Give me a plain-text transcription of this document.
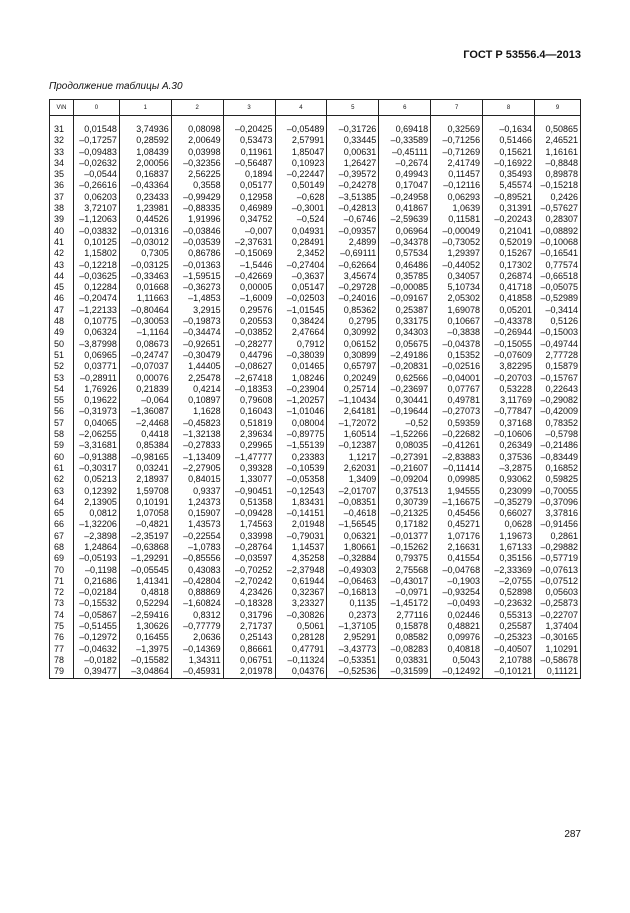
ГОСТ Р 53556.4—2013
Продолжение таблицы А.30
V\N	0	1	2	3	4	5	6	7	8	9

31	0,01548	3,74936	0,08098	–0,20425	–0,05489	–0,31726	0,69418	0,32569	–0,1634	0,50865
32	–0,17257	0,28592	2,00649	0,53473	2,57991	0,33445	–0,33589	–0,71256	0,51466	2,46521
33	–0,09483	1,08439	0,03998	0,11961	1,85047	0,00631	–0,45111	–0,71269	0,15621	1,16161
34	–0,02632	2,00056	–0,32356	–0,56487	0,10923	1,26427	–0,2674	2,41749	–0,16922	–0,8848
35	–0,0544	0,16837	2,56225	0,1894	–0,22447	–0,39572	0,49943	0,11457	0,35493	0,89878
36	–0,26616	–0,43364	0,3558	0,05177	0,50149	–0,24278	0,17047	–0,12116	5,45574	–0,15218
37	0,06203	0,23433	–0,99429	0,12958	–0,628	–3,51385	–0,24958	0,06293	–0,89521	0,2426
38	3,72107	1,23981	–0,88335	0,46989	–0,3001	–0,42813	0,41867	1,0639	0,31391	–0,57627
39	–1,12063	0,44526	1,91996	0,34752	–0,524	–0,6746	–2,59639	0,11581	–0,20243	0,28307
40	–0,03832	–0,01316	–0,03846	–0,007	0,04931	–0,09357	0,06964	–0,00049	0,21041	–0,08892
41	0,10125	–0,03012	–0,03539	–2,37631	0,28491	2,4899	–0,34378	–0,73052	0,52019	–0,10068
42	1,15802	0,7305	0,86786	–0,15069	2,3452	–0,69111	0,57534	1,29397	0,15267	–0,16541
43	–0,12218	–0,03125	–0,01363	–1,5446	–0,27404	–0,62664	0,46486	–0,44052	0,17302	0,77574
44	–0,03625	–0,33463	–1,59515	–0,42669	–0,3637	3,45674	0,35785	0,34057	0,26874	–0,66518
45	0,12284	0,01668	–0,36273	0,00005	0,05147	–0,29728	–0,00085	5,10734	0,41718	–0,05075
46	–0,20474	1,11663	–1,4853	–1,6009	–0,02503	–0,24016	–0,09167	2,05302	0,41858	–0,52989
47	–1,22133	–0,80464	3,2915	0,29576	–1,01545	0,85362	0,25387	1,69078	0,05201	–0,3414
48	0,10775	–0,30053	–0,19873	0,20553	0,38424	0,2795	0,33175	0,10667	–0,43378	0,5126
49	0,06324	–1,1164	–0,34474	–0,03852	2,47664	0,30992	0,34303	–0,3838	–0,26944	–0,15003
50	–3,87998	0,08673	–0,92651	–0,28277	0,7912	0,06152	0,05675	–0,04378	–0,15055	–0,49744
51	0,06965	–0,24747	–0,30479	0,44796	–0,38039	0,30899	–2,49186	0,15352	–0,07609	2,77728
52	0,03771	–0,07037	1,44405	–0,08627	0,01465	0,65797	–0,20831	–0,02516	3,82295	0,15879
53	–0,28911	0,00076	2,25478	–2,67418	1,08246	0,20249	0,62566	–0,04001	–0,20703	–0,15767
54	1,76926	0,21839	0,4214	–0,18353	–0,23904	0,25714	–0,23697	0,07767	0,53228	0,22643
55	0,19622	–0,064	0,10897	0,79608	–1,20257	–1,10434	0,30441	0,49781	3,11769	–0,29082
56	–0,31973	–1,36087	1,1628	0,16043	–1,01046	2,64181	–0,19644	–0,27073	–0,77847	–0,42009
57	0,04065	–2,4468	–0,45823	0,51819	0,08004	–1,72072	–0,52	0,59359	0,37168	0,78352
58	–2,06255	0,4418	–1,32138	2,39634	–0,89775	1,60514	–1,52266	–0,22682	–0,10606	–0,5798
59	–3,31681	0,85384	–0,27833	0,29965	–1,55139	–0,12387	0,08035	–0,41261	0,26349	–0,21486
60	–0,91388	–0,98165	–1,13409	–1,47777	0,23383	1,1217	–0,27391	–2,83883	0,37536	–0,83449
61	–0,30317	0,03241	–2,27905	0,39328	–0,10539	2,62031	–0,21607	–0,11414	–3,2875	0,16852
62	0,05213	2,18937	0,84015	1,33077	–0,05358	1,3409	–0,09204	0,09985	0,93062	0,59825
63	0,12392	1,59708	0,9337	–0,90451	–0,12543	–2,01707	0,37513	1,94555	0,23099	–0,70055
64	2,13905	0,10191	1,24373	0,51358	1,83431	–0,08351	0,30739	–1,16675	–0,35279	–0,37096
65	0,0812	1,07058	0,15907	–0,09428	–0,14151	–0,4618	–0,21325	0,45456	0,66027	3,37816
66	–1,32206	–0,4821	1,43573	1,74563	2,01948	–1,56545	0,17182	0,45271	0,0628	–0,91456
67	–2,3898	–2,35197	–0,22554	0,33998	–0,79031	0,06321	–0,01377	1,07176	1,19673	0,2861
68	1,24864	–0,63868	–1,0783	–0,28764	1,14537	1,80661	–0,15262	2,16631	1,67133	–0,29882
69	–0,05193	–1,29291	–0,85556	–0,03597	4,35258	–0,32884	0,79375	0,41554	0,35156	–0,57719
70	–0,1198	–0,05545	0,43083	–0,70252	–2,37948	–0,49303	2,75568	–0,04768	–2,33369	–0,07613
71	0,21686	1,41341	–0,42804	–2,70242	0,61944	–0,06463	–0,43017	–0,1903	–2,0755	–0,07512
72	–0,02184	0,4818	0,88869	4,23426	0,32367	–0,16813	–0,0971	–0,93254	0,52898	0,05603
73	–0,15532	0,52294	–1,60824	–0,18328	3,23327	0,1135	–1,45172	–0,0493	–0,23632	–0,25873
74	–0,05867	–2,59416	0,8312	0,31796	–0,30826	0,2373	2,77116	0,02446	0,55313	–0,22707
75	–0,51455	1,30626	–0,77779	2,71737	0,5061	–1,37105	0,15878	0,48821	0,25587	1,37404
76	–0,12972	0,16455	2,0636	0,25143	0,28128	2,95291	0,08582	0,09976	–0,25323	–0,30165
77	–0,04632	–1,3975	–0,14369	0,86661	0,47791	–3,43773	–0,08283	0,40818	–0,40507	1,10291
78	–0,0182	–0,15582	1,34311	0,06751	–0,11324	–0,53351	0,03831	0,5043	2,10788	–0,58678
79	0,39477	–3,04864	–0,45931	2,01978	0,04376	–0,52536	–0,31599	–0,12492	–0,10121	0,11121
287
